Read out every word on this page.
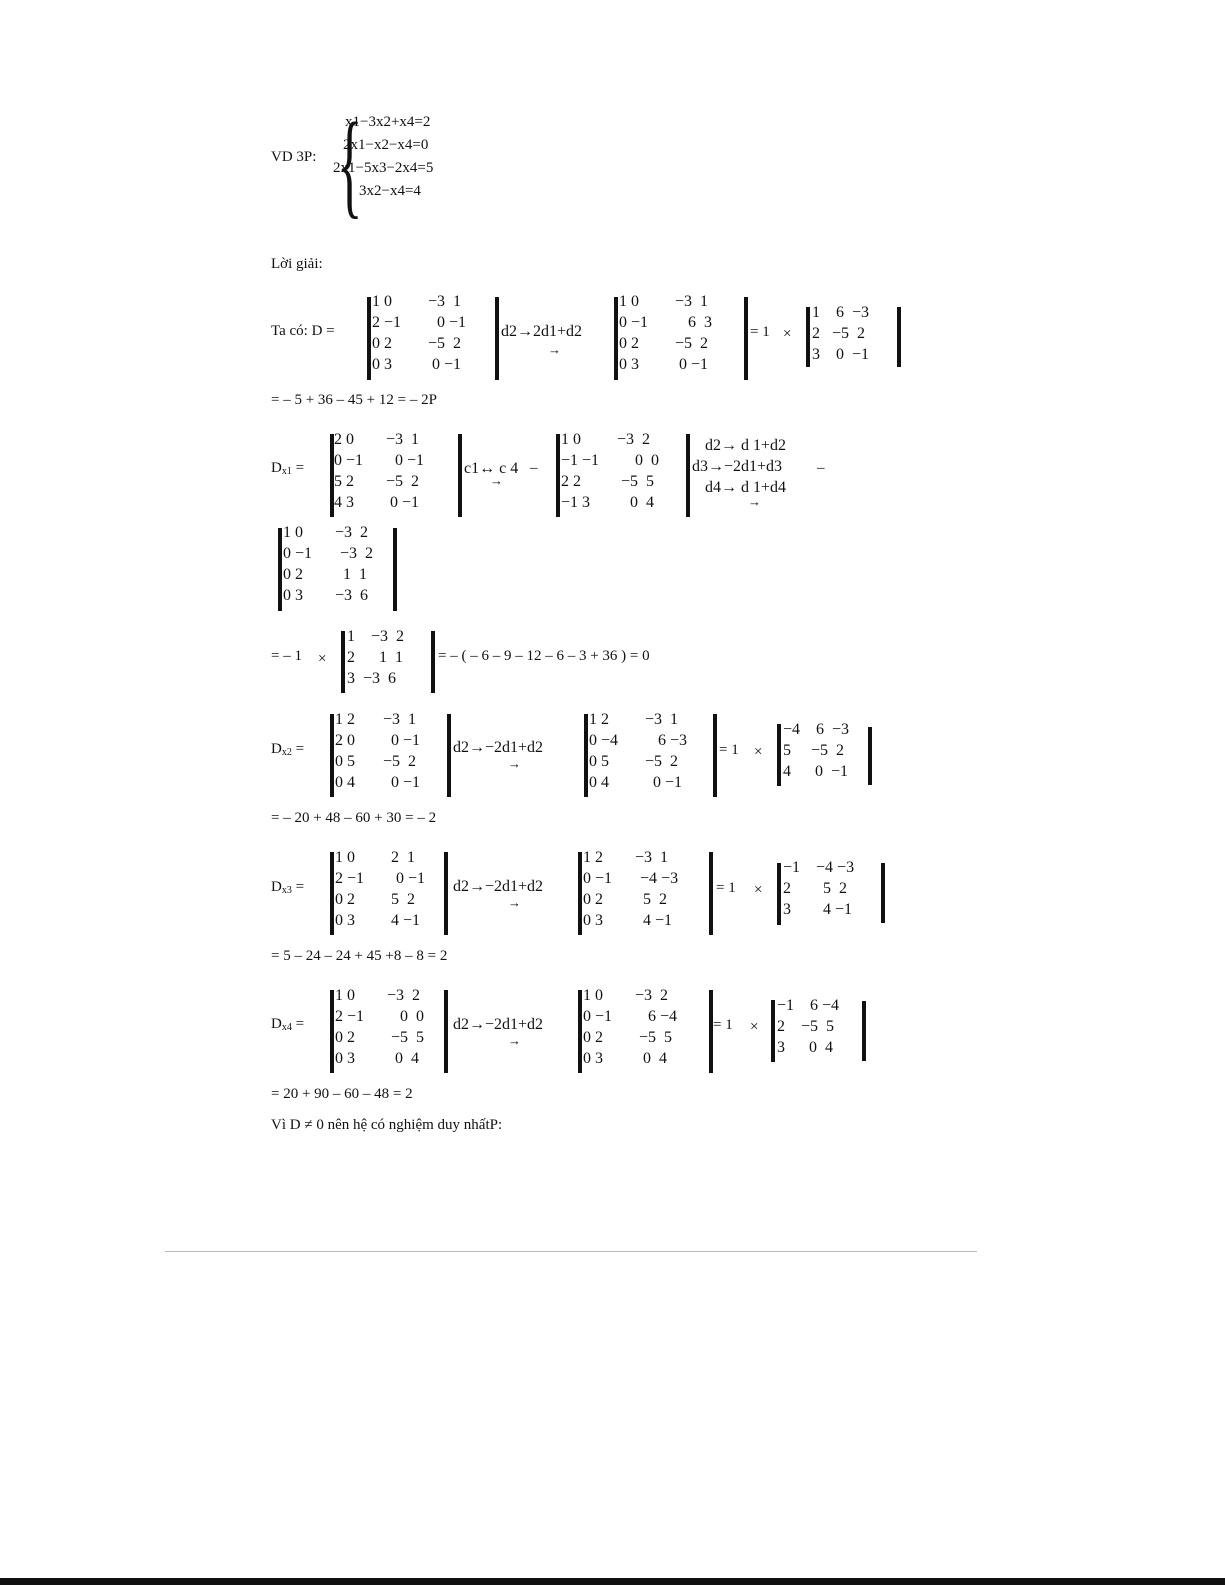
VD 3P: {
x1−3x2+x4=2
2x1−x2−x4=0
2x1−5x3−2x4=5
3x2−x4=4
Lời giải:
Ta có: D =
1 0         −3  1
2 −1         0 −1
0 2         −5  2
0 3          0 −1
d2→2d1+d2
→
1 0         −3  1
0 −1          6  3
0 2         −5  2
0 3          0 −1
= 1 ×
1    6  −3
2   −5  2
3    0  −1
= – 5 + 36 – 45 + 12 = – 2P
$D_{x1}$ =
2 0        −3  1
0 −1        0 −1
5 2        −5  2
4 3         0 −1
c1↔ c 4 –
→
1 0         −3  2
−1 −1         0  0
2 2          −5  5
−1 3          0  4
d2→ d 1+d2
d3→−2d1+d3
d4→ d 1+d4
→
–
1 0        −3  2
0 −1       −3  2
0 2          1  1
0 3        −3  6
= – 1 ×
1    −3  2
2      1  1
3  −3  6
= – ( – 6 – 9 – 12 – 6 – 3 + 36 ) = 0
$D_{x2}$ =
1 2       −3  1
2 0         0 −1
0 5       −5  2
0 4         0 −1
d2→−2d1+d2
→
1 2         −3  1
0 −4          6 −3
0 5         −5  2
0 4           0 −1
= 1 ×
−4    6  −3
5     −5  2
4      0  −1
= – 20 + 48 – 60 + 30 = – 2
$D_{x3}$ =
1 0         2  1
2 −1        0 −1
0 2         5  2
0 3         4 −1
d2→−2d1+d2
→
1 2        −3  1
0 −1       −4 −3
0 2          5  2
0 3          4 −1
= 1 ×
−1    −4 −3
2        5  2
3        4 −1
= 5 – 24 – 24 + 45 +8 – 8 = 2
$D_{x4}$ =
1 0        −3  2
2 −1         0  0
0 2         −5  5
0 3          0  4
d2→−2d1+d2
→
1 0        −3  2
0 −1         6 −4
0 2         −5  5
0 3          0  4
= 1 ×
−1    6 −4
2    −5  5
3      0  4
= 20 + 90 – 60 – 48 = 2
Vì D ≠ 0 nên hệ có nghiệm duy nhấtP:
